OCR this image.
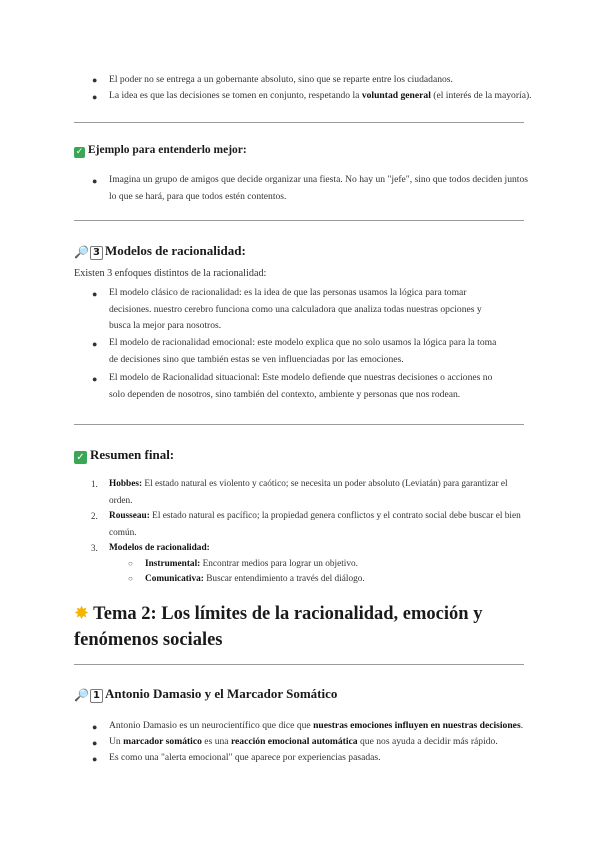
● El poder no se entrega a un gobernante absoluto, sino que se reparte entre los ciudadanos.
● La idea es que las decisiones se tomen en conjunto, respetando la voluntad general (el interés de la mayoría).
✓ Ejemplo para entenderlo mejor:
● Imagina un grupo de amigos que decide organizar una fiesta. No hay un "jefe", sino que todos deciden juntos
lo que se hará, para que todos estén contentos.
🔎 3 Modelos de racionalidad:
Existen 3 enfoques distintos de la racionalidad:
● El modelo clásico de racionalidad: es la idea de que las personas usamos la lógica para tomar
decisiones. nuestro cerebro funciona como una calculadora que analiza todas nuestras opciones y
busca la mejor para nosotros.
● El modelo de racionalidad emocional: este modelo explica que no solo usamos la lógica para la toma
de decisiones sino que también estas se ven influenciadas por las emociones.
● El modelo de Racionalidad situacional: Este modelo defiende que nuestras decisiones o acciones no
solo dependen de nosotros, sino también del contexto, ambiente y personas que nos rodean.
✓ Resumen final:
1. Hobbes: El estado natural es violento y caótico; se necesita un poder absoluto (Leviatán) para garantizar el
orden.
2. Rousseau: El estado natural es pacífico; la propiedad genera conflictos y el contrato social debe buscar el bien
común.
3. Modelos de racionalidad:
○ Instrumental: Encontrar medios para lograr un objetivo.
○ Comunicativa: Buscar entendimiento a través del diálogo.
✸ Tema 2: Los límites de la racionalidad, emoción y
fenómenos sociales
🔎 1 Antonio Damasio y el Marcador Somático
● Antonio Damasio es un neurocientífico que dice que nuestras emociones influyen en nuestras decisiones.
● Un marcador somático es una reacción emocional automática que nos ayuda a decidir más rápido.
● Es como una "alerta emocional" que aparece por experiencias pasadas.
